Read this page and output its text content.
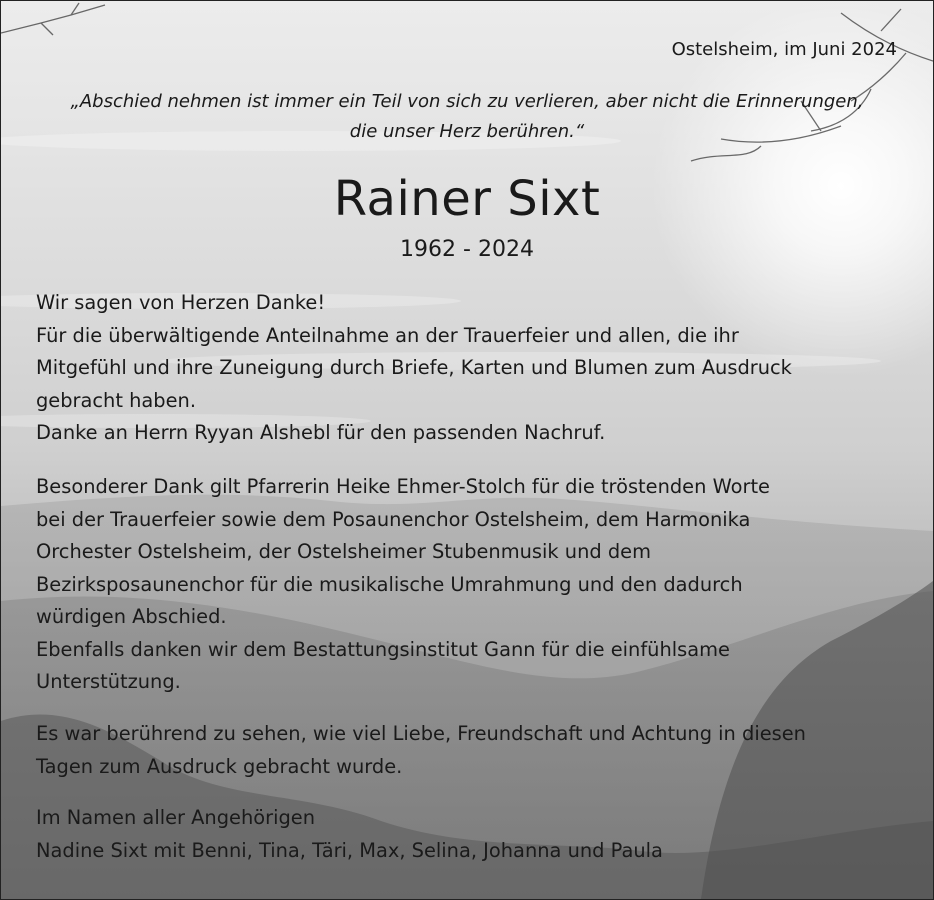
Ostelsheim, im Juni 2024
„Abschied nehmen ist immer ein Teil von sich zu verlieren, aber nicht die Erinnerungen,
die unser Herz berühren.“
Rainer Sixt
1962 - 2024
Wir sagen von Herzen Danke!
Für die überwältigende Anteilnahme an der Trauerfeier und allen, die ihr
Mitgefühl und ihre Zuneigung durch Briefe, Karten und Blumen zum Ausdruck
gebracht haben.
Danke an Herrn Ryyan Alshebl für den passenden Nachruf.
Besonderer Dank gilt Pfarrerin Heike Ehmer-Stolch für die tröstenden Worte
bei der Trauerfeier sowie dem Posaunenchor Ostelsheim, dem Harmonika
Orchester Ostelsheim, der Ostelsheimer Stubenmusik und dem
Bezirksposaunenchor für die musikalische Umrahmung und den dadurch
würdigen Abschied.
Ebenfalls danken wir dem Bestattungsinstitut Gann für die einfühlsame
Unterstützung.
Es war berührend zu sehen, wie viel Liebe, Freundschaft und Achtung in diesen
Tagen zum Ausdruck gebracht wurde.
Im Namen aller Angehörigen
Nadine Sixt mit Benni, Tina, Täri, Max, Selina, Johanna und Paula
